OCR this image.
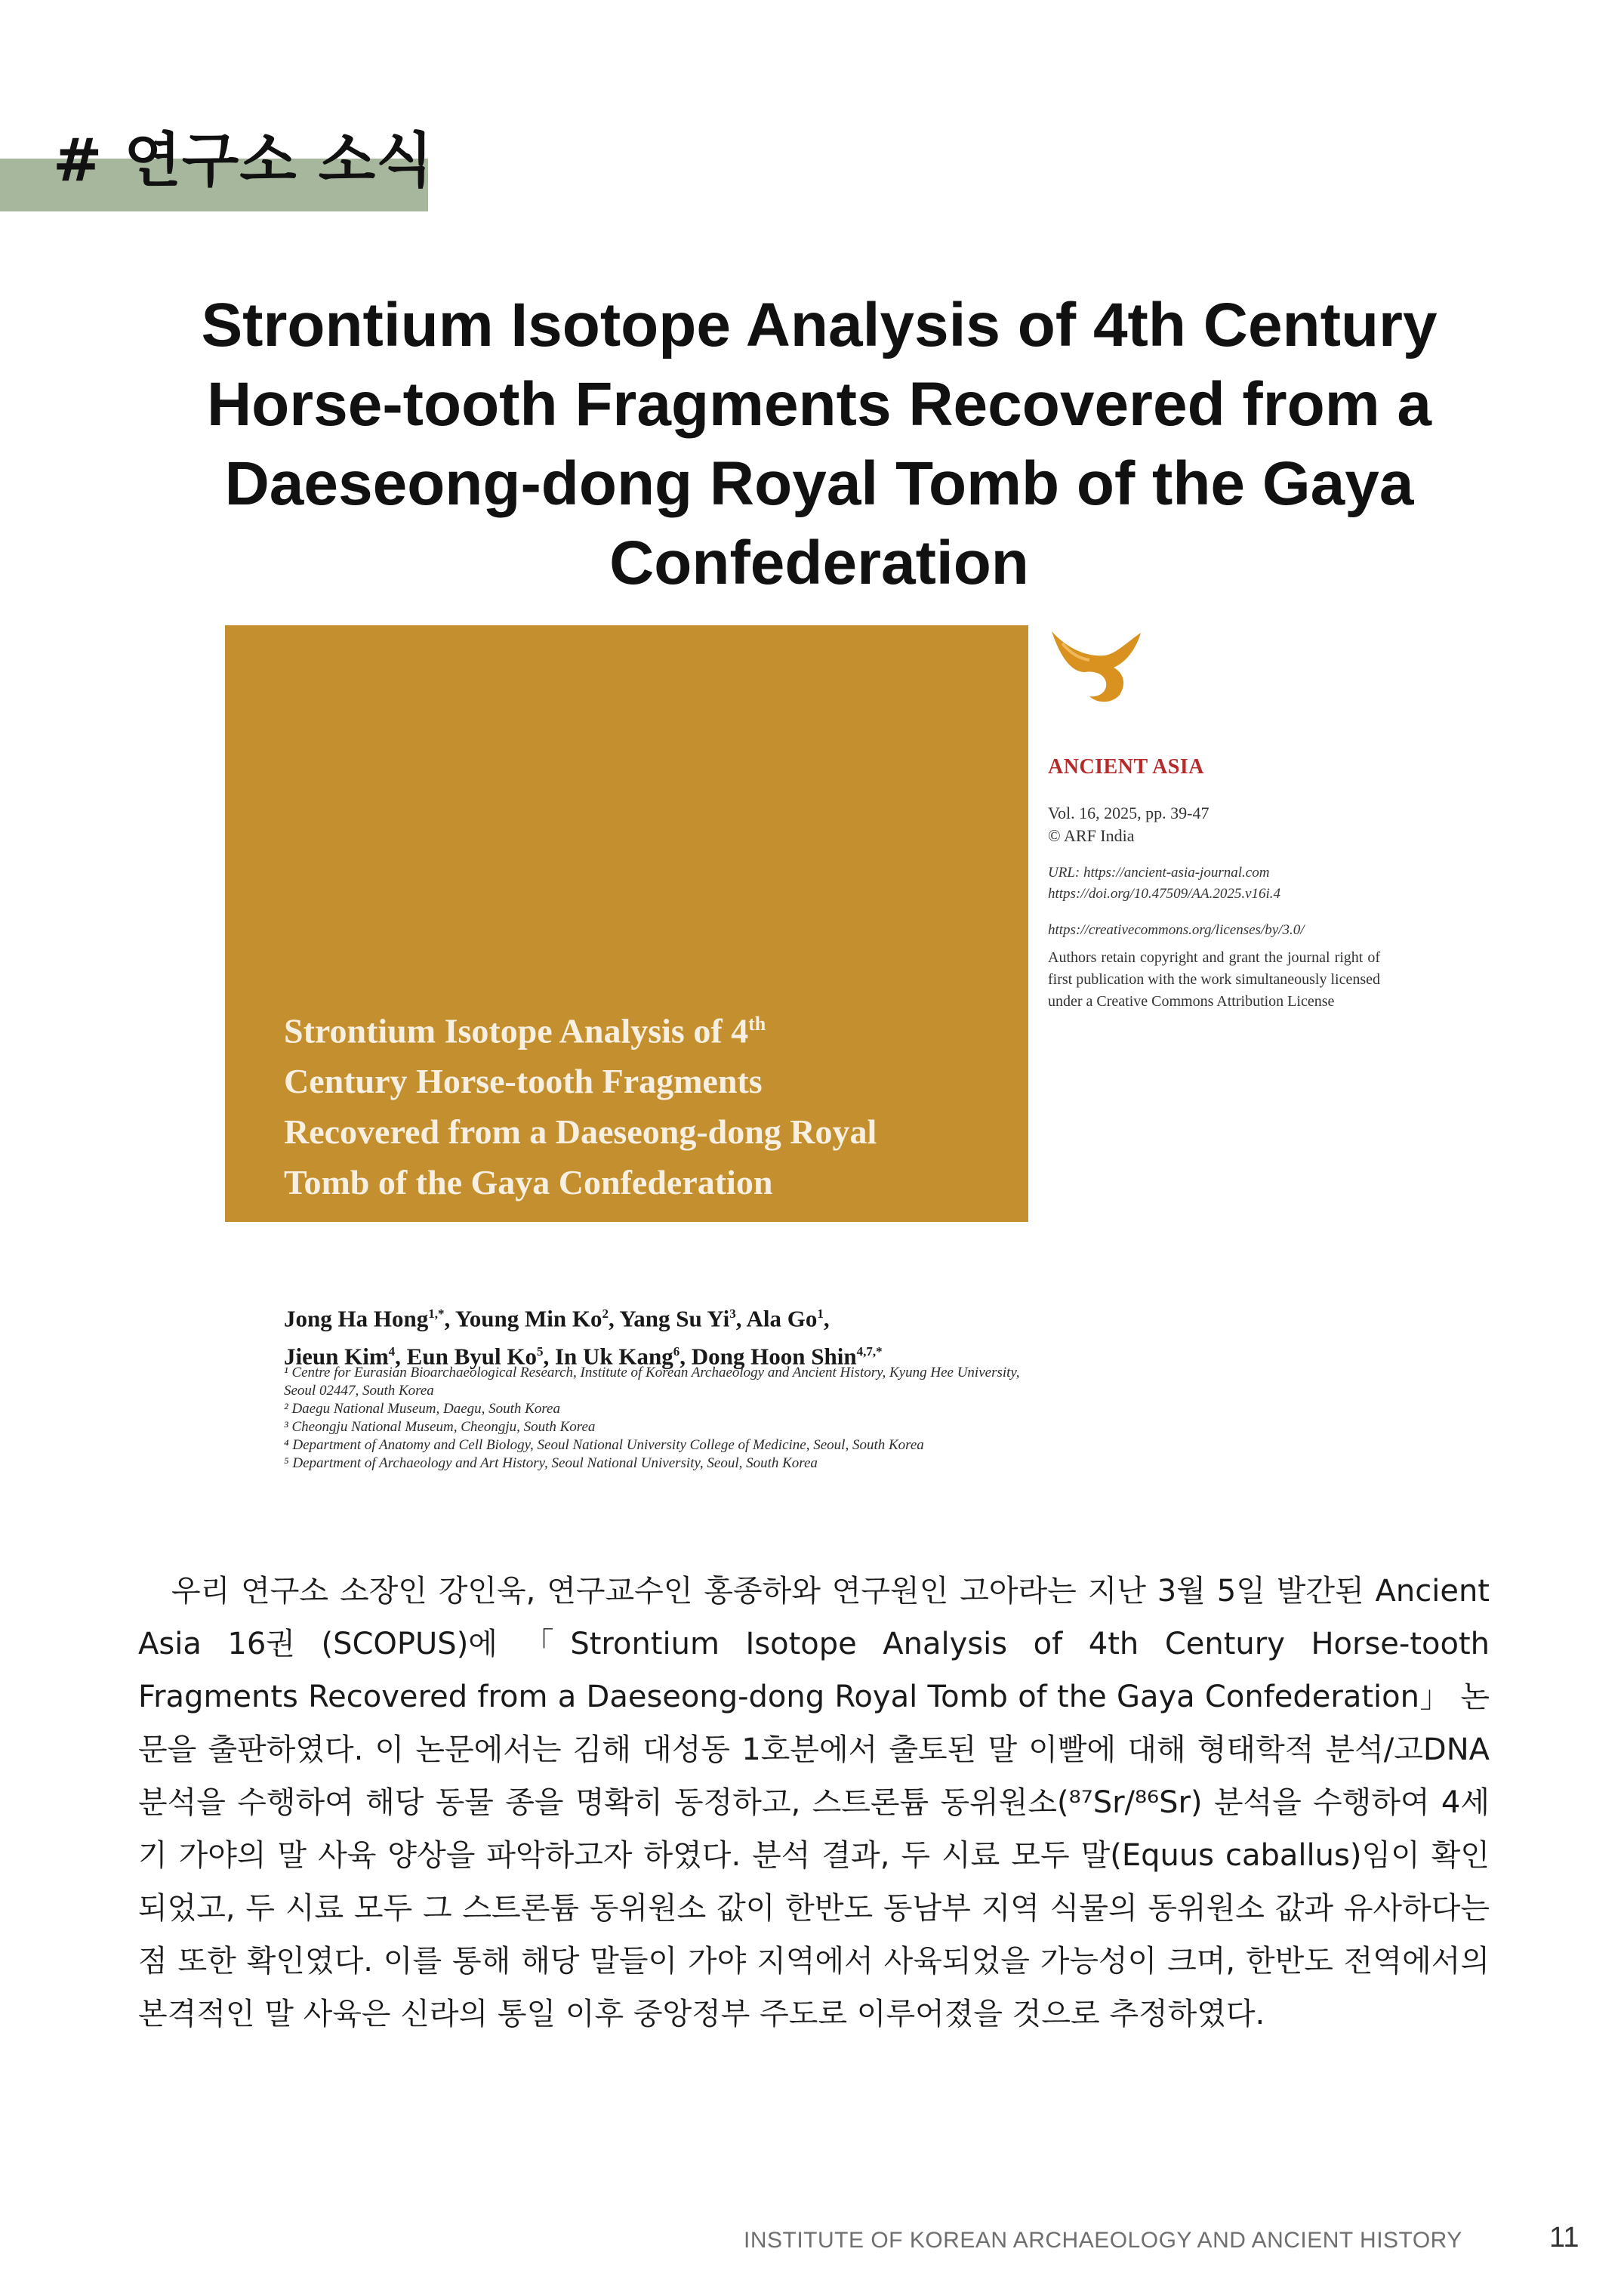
# 연구소 소식
Strontium Isotope Analysis of 4th Century Horse-tooth Fragments Recovered from a Daeseong-dong Royal Tomb of the Gaya Confederation
Strontium Isotope Analysis of 4th
Century Horse-tooth Fragments
Recovered from a Daeseong-dong Royal
Tomb of the Gaya Confederation

ANCIENT ASIA

Vol. 16, 2025, pp. 39-47

© ARF India

URL: https://ancient-asia-journal.com

https://doi.org/10.47509/AA.2025.v16i.4

https://creativecommons.org/licenses/by/3.0/

Authors retain copyright and grant the journal right of first publication with the work simultaneously licensed under a Creative Commons Attribution License

Jong Ha Hong$^{1,*}$, Young Min Ko$^2$, Yang Su Yi$^3$, Ala Go$^1$,
Jieun Kim$^4$, Eun Byul Ko$^5$, In Uk Kang$^6$, Dong Hoon Shin$^{4,7,*}$

¹ Centre for Eurasian Bioarchaeological Research, Institute of Korean Archaeology and Ancient History, Kyung Hee University, Seoul 02447, South Korea

² Daegu National Museum, Daegu, South Korea

³ Cheongju National Museum, Cheongju, South Korea

⁴ Department of Anatomy and Cell Biology, Seoul National University College of Medicine, Seoul, South Korea

⁵ Department of Archaeology and Art History, Seoul National University, Seoul, South Korea

우리 연구소 소장인 강인욱, 연구교수인 홍종하와 연구원인 고아라는 지난 3월 5일 발간된 Ancient Asia 16권 (SCOPUS)에 「Strontium Isotope Analysis of 4th Century Horse-tooth Fragments Recovered from a Daeseong-dong Royal Tomb of the Gaya Confederation」 논문을 출판하였다. 이 논문에서는 김해 대성동 1호분에서 출토된 말 이빨에 대해 형태학적 분석/고DNA 분석을 수행하여 해당 동물 종을 명확히 동정하고, 스트론튬 동위원소(⁸⁷Sr/⁸⁶Sr) 분석을 수행하여 4세기 가야의 말 사육 양상을 파악하고자 하였다. 분석 결과, 두 시료 모두 말(Equus caballus)임이 확인되었고, 두 시료 모두 그 스트론튬 동위원소 값이 한반도 동남부 지역 식물의 동위원소 값과 유사하다는 점 또한 확인였다. 이를 통해 해당 말들이 가야 지역에서 사육되었을 가능성이 크며, 한반도 전역에서의 본격적인 말 사육은 신라의 통일 이후 중앙정부 주도로 이루어졌을 것으로 추정하였다.

INSTITUTE OF KOREAN ARCHAEOLOGY AND ANCIENT HISTORY	11
